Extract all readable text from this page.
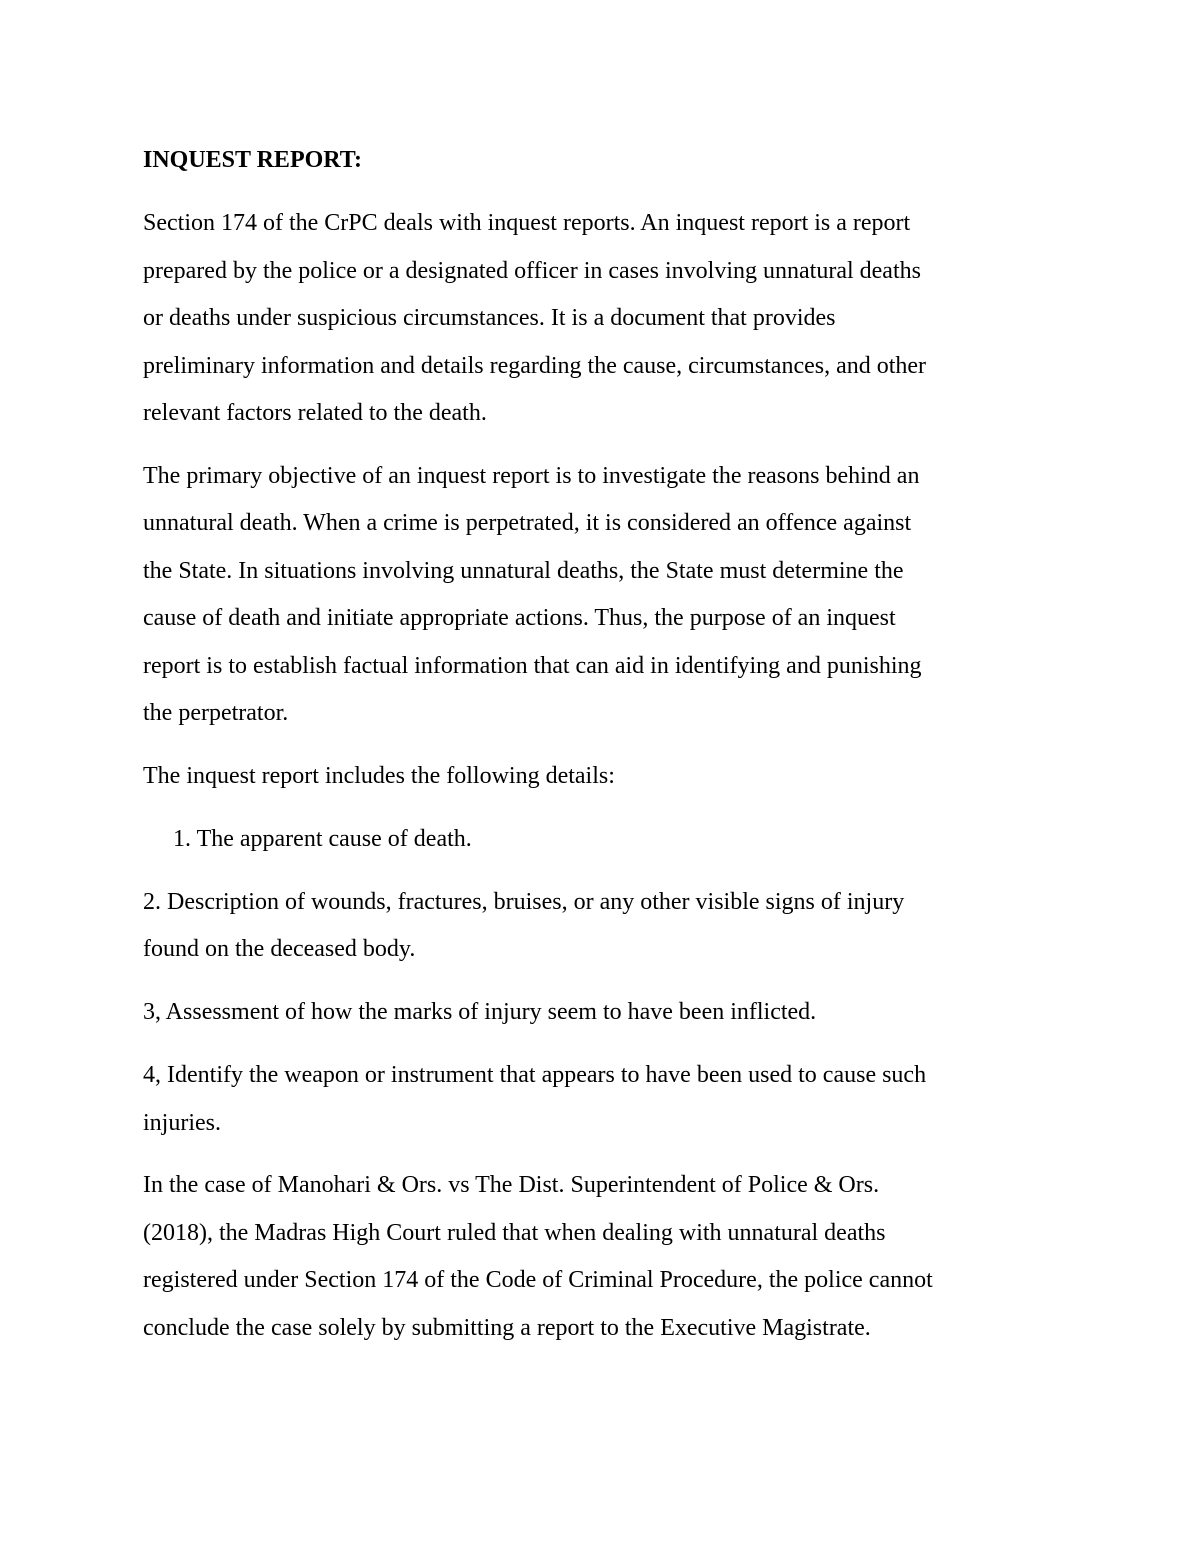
INQUEST REPORT:
Section 174 of the CrPC deals with inquest reports. An inquest report is a report
prepared by the police or a designated officer in cases involving unnatural deaths
or deaths under suspicious circumstances. It is a document that provides
preliminary information and details regarding the cause, circumstances, and other
relevant factors related to the death.
The primary objective of an inquest report is to investigate the reasons behind an
unnatural death. When a crime is perpetrated, it is considered an offence against
the State. In situations involving unnatural deaths, the State must determine the
cause of death and initiate appropriate actions. Thus, the purpose of an inquest
report is to establish factual information that can aid in identifying and punishing
the perpetrator.
The inquest report includes the following details:
1. The apparent cause of death.
2. Description of wounds, fractures, bruises, or any other visible signs of injury
found on the deceased body.
3, Assessment of how the marks of injury seem to have been inflicted.
4, Identify the weapon or instrument that appears to have been used to cause such
injuries.
In the case of Manohari & Ors. vs The Dist. Superintendent of Police & Ors.
(2018), the Madras High Court ruled that when dealing with unnatural deaths
registered under Section 174 of the Code of Criminal Procedure, the police cannot
conclude the case solely by submitting a report to the Executive Magistrate.
